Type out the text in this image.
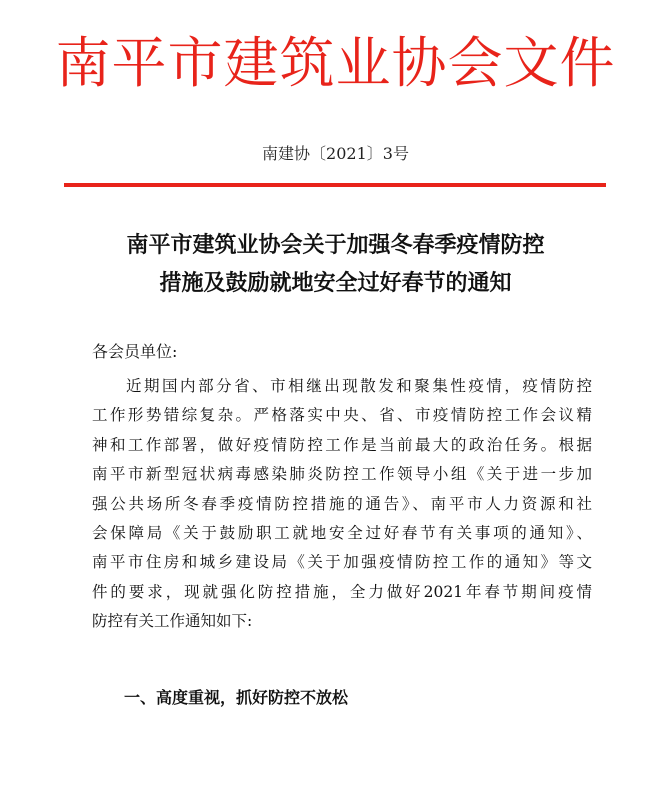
南平市建筑业协会文件
南建协〔2021〕3号
南平市建筑业协会关于加强冬春季疫情防控
措施及鼓励就地安全过好春节的通知
各会员单位:
近期国内部分省、市相继出现散发和聚集性疫情，疫情防控
工作形势错综复杂。严格落实中央、省、市疫情防控工作会议精
神和工作部署，做好疫情防控工作是当前最大的政治任务。根据
南平市新型冠状病毒感染肺炎防控工作领导小组《关于进一步加
强公共场所冬春季疫情防控措施的通告》、南平市人力资源和社
会保障局《关于鼓励职工就地安全过好春节有关事项的通知》、
南平市住房和城乡建设局《关于加强疫情防控工作的通知》等文
件的要求，现就强化防控措施，全力做好2021年春节期间疫情
防控有关工作通知如下:
一、高度重视，抓好防控不放松
